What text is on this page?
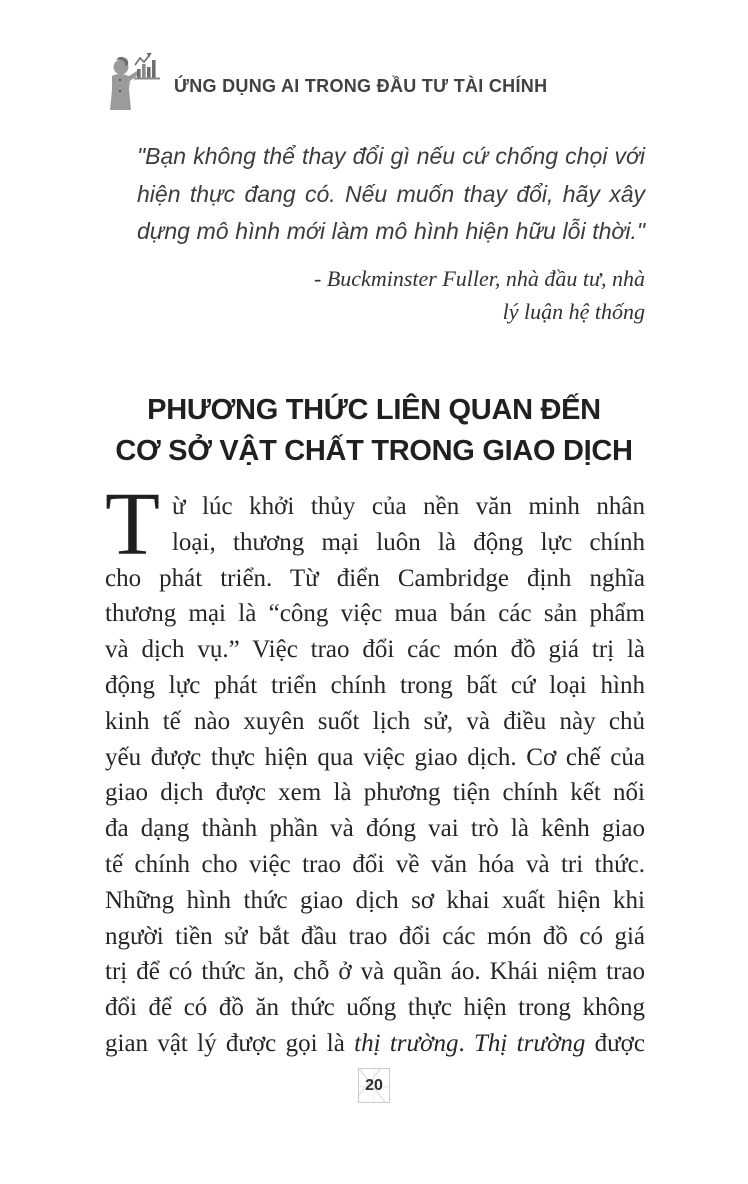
ỨNG DỤNG AI TRONG ĐẦU TƯ TÀI CHÍNH
"Bạn không thể thay đổi gì nếu cứ chống chọi với
hiện thực đang có. Nếu muốn thay đổi, hãy xây
dựng mô hình mới làm mô hình hiện hữu lỗi thời."
- Buckminster Fuller, nhà đầu tư, nhà
lý luận hệ thống
PHƯƠNG THỨC LIÊN QUAN ĐẾN
CƠ SỞ VẬT CHẤT TRONG GIAO DỊCH
T ừ lúc khởi thủy của nền văn minh nhân
loại, thương mại luôn là động lực chính
cho phát triển. Từ điển Cambridge định nghĩa
thương mại là “công việc mua bán các sản phẩm
và dịch vụ.” Việc trao đổi các món đồ giá trị là
động lực phát triển chính trong bất cứ loại hình
kinh tế nào xuyên suốt lịch sử, và điều này chủ
yếu được thực hiện qua việc giao dịch. Cơ chế của
giao dịch được xem là phương tiện chính kết nối
đa dạng thành phần và đóng vai trò là kênh giao
tế chính cho việc trao đổi về văn hóa và tri thức.
Những hình thức giao dịch sơ khai xuất hiện khi
người tiền sử bắt đầu trao đổi các món đồ có giá
trị để có thức ăn, chỗ ở và quần áo. Khái niệm trao
đổi để có đồ ăn thức uống thực hiện trong không
gian vật lý được gọi là thị trường. Thị trường được
20
